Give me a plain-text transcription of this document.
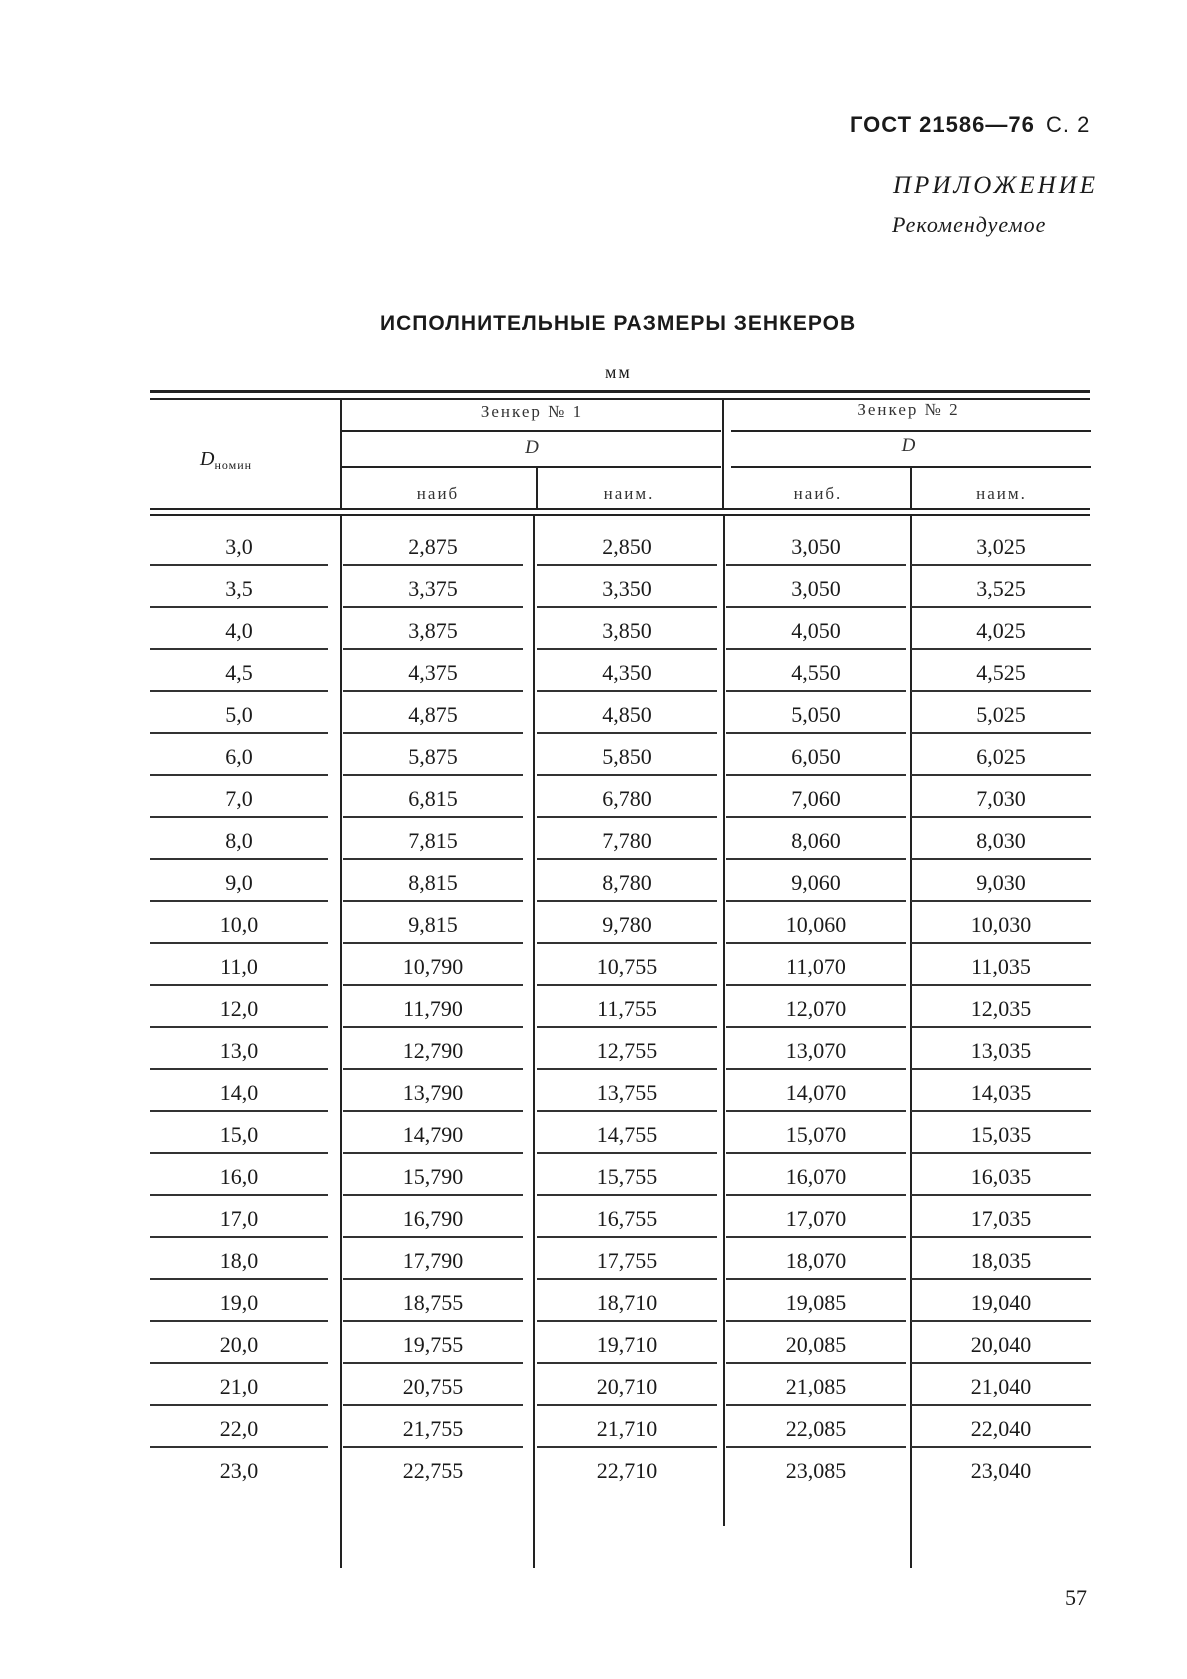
ГОСТ 21586—76 С. 2
ПРИЛОЖЕНИЕ
Рекомендуемое
ИСПОЛНИТЕЛЬНЫЕ РАЗМЕРЫ ЗЕНКЕРОВ
мм
$D_{номин}$
Зенкер № 1
D
наиб	наим.
Зенкер № 2
D
наиб.	наим.
3,0	2,875	2,850	3,050	3,025
3,5	3,375	3,350	3,050	3,525
4,0	3,875	3,850	4,050	4,025
4,5	4,375	4,350	4,550	4,525
5,0	4,875	4,850	5,050	5,025
6,0	5,875	5,850	6,050	6,025
7,0	6,815	6,780	7,060	7,030
8,0	7,815	7,780	8,060	8,030
9,0	8,815	8,780	9,060	9,030
10,0	9,815	9,780	10,060	10,030
11,0	10,790	10,755	11,070	11,035
12,0	11,790	11,755	12,070	12,035
13,0	12,790	12,755	13,070	13,035
14,0	13,790	13,755	14,070	14,035
15,0	14,790	14,755	15,070	15,035
16,0	15,790	15,755	16,070	16,035
17,0	16,790	16,755	17,070	17,035
18,0	17,790	17,755	18,070	18,035
19,0	18,755	18,710	19,085	19,040
20,0	19,755	19,710	20,085	20,040
21,0	20,755	20,710	21,085	21,040
22,0	21,755	21,710	22,085	22,040
23,0	22,755	22,710	23,085	23,040
57
